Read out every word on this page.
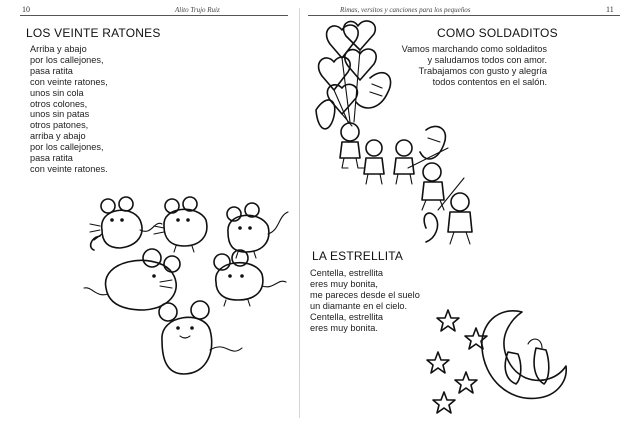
10	Alito Trujo Ruiz
LOS VEINTE RATONES
Arriba y abajo
por los callejones,
pasa ratita
con veinte ratones,
unos sin cola
otros colones,
unos sin patas
otros patones,
arriba y abajo
por los callejones,
pasa ratita
con veinte ratones.
Rimas, versitos y canciones para los pequeños	11
COMO SOLDADITOS
Vamos marchando como soldaditos
y saludamos todos con amor.
Trabajamos con gusto y alegría
todos contentos en el salón.
LA ESTRELLITA
Centella, estrellita
eres muy bonita,
me pareces desde el suelo
un diamante en el cielo.
Centella, estrellita
eres muy bonita.
